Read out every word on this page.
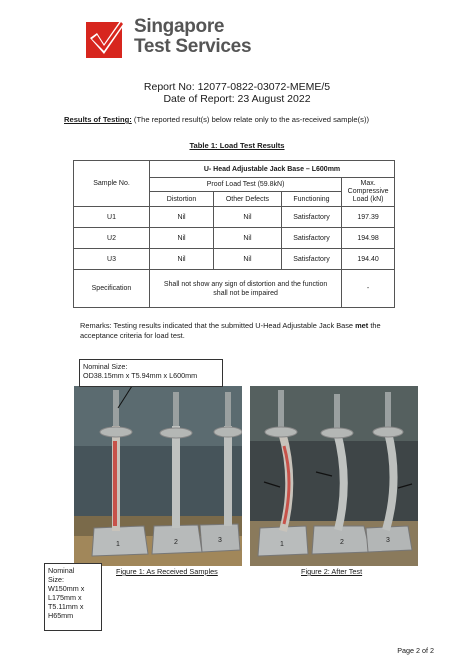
Singapore
Test Services
Report No: 12077-0822-03072-MEME/5
Date of Report: 23 August 2022
Results of Testing: (The reported result(s) below relate only to the as-received sample(s))
Table 1: Load Test Results
Sample No.	U- Head Adjustable Jack Base – L600mm			
	Proof Load Test (59.8kN)			Max. Compressive Load (kN)
	Distortion	Other Defects	Functioning	
U1	Nil	Nil	Satisfactory	197.39
U2	Nil	Nil	Satisfactory	194.98
U3	Nil	Nil	Satisfactory	194.40
Specification	Shall not show any sign of distortion and the function shall not be impaired			-
Remarks: Testing results indicated that the submitted U-Head Adjustable Jack Base met the acceptance criteria for load test.
1	2	3
1	2	3
Figure 1: As Received Samples	Figure 2: After Test
Nominal Size:
OD38.15mm x T5.94mm x L600mm
Nominal
Size:
W150mm x
L175mm x
T5.11mm x
H65mm
Page 2 of 2
